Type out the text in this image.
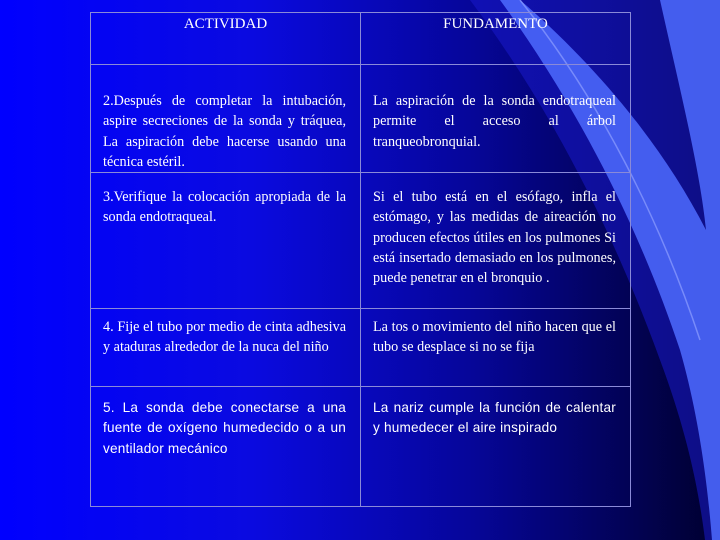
ACTIVIDAD	FUNDAMENTO
2.Después de completar la intubación, aspire secreciones de la sonda y tráquea, La aspiración debe hacerse usando una técnica estéril.	La aspiración de la sonda endotraqueal permite el acceso al árbol tranqueobronquial.
3.Verifique la colocación apropiada de la sonda endotraqueal.	Si el tubo está en el esófago, infla el estómago, y las medidas de aireación no producen efectos útiles en los pulmones Si está insertado demasiado en los pulmones, puede penetrar en el bronquio .
4. Fije el tubo por medio de cinta adhesiva y ataduras alrededor de la nuca del niño	La tos o movimiento del niño hacen que el tubo se desplace si no se fija
5. La sonda debe conectarse a una fuente de oxígeno humedecido o a un ventilador mecánico	La nariz cumple la función de calentar y humedecer el aire inspirado
